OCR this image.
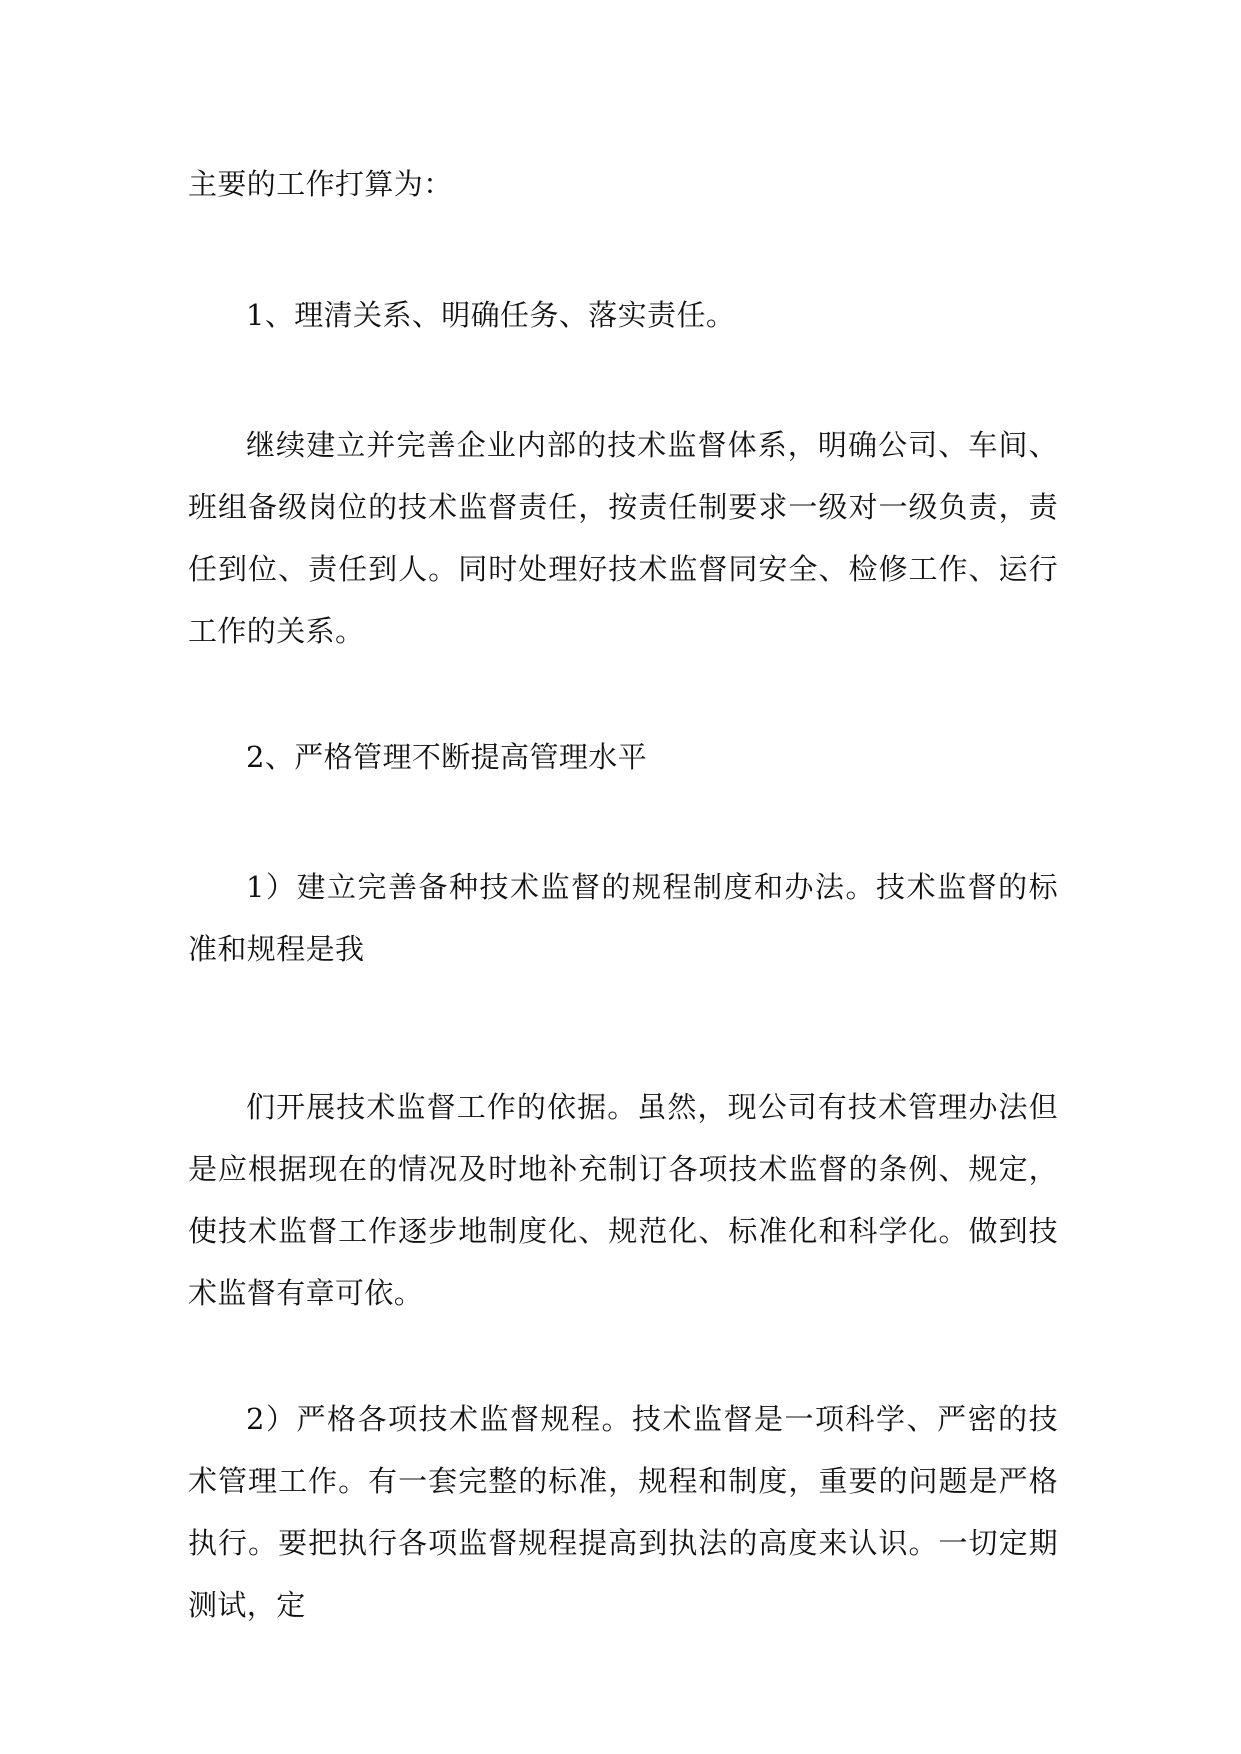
主要的工作打算为：

1、理清关系、明确任务、落实责任。

继续建立并完善企业内部的技术监督体系，明确公司、车间、班组备级岗位的技术监督责任，按责任制要求一级对一级负责，责任到位、责任到人。同时处理好技术监督同安全、检修工作、运行工作的关系。

2、严格管理不断提高管理水平

1）建立完善备种技术监督的规程制度和办法。技术监督的标准和规程是我

们开展技术监督工作的依据。虽然，现公司有技术管理办法但是应根据现在的情况及时地补充制订各项技术监督的条例、规定，使技术监督工作逐步地制度化、规范化、标准化和科学化。做到技术监督有章可依。

2）严格各项技术监督规程。技术监督是一项科学、严密的技术管理工作。有一套完整的标准，规程和制度，重要的问题是严格执行。要把执行各项监督规程提高到执法的高度来认识。一切定期测试，定
